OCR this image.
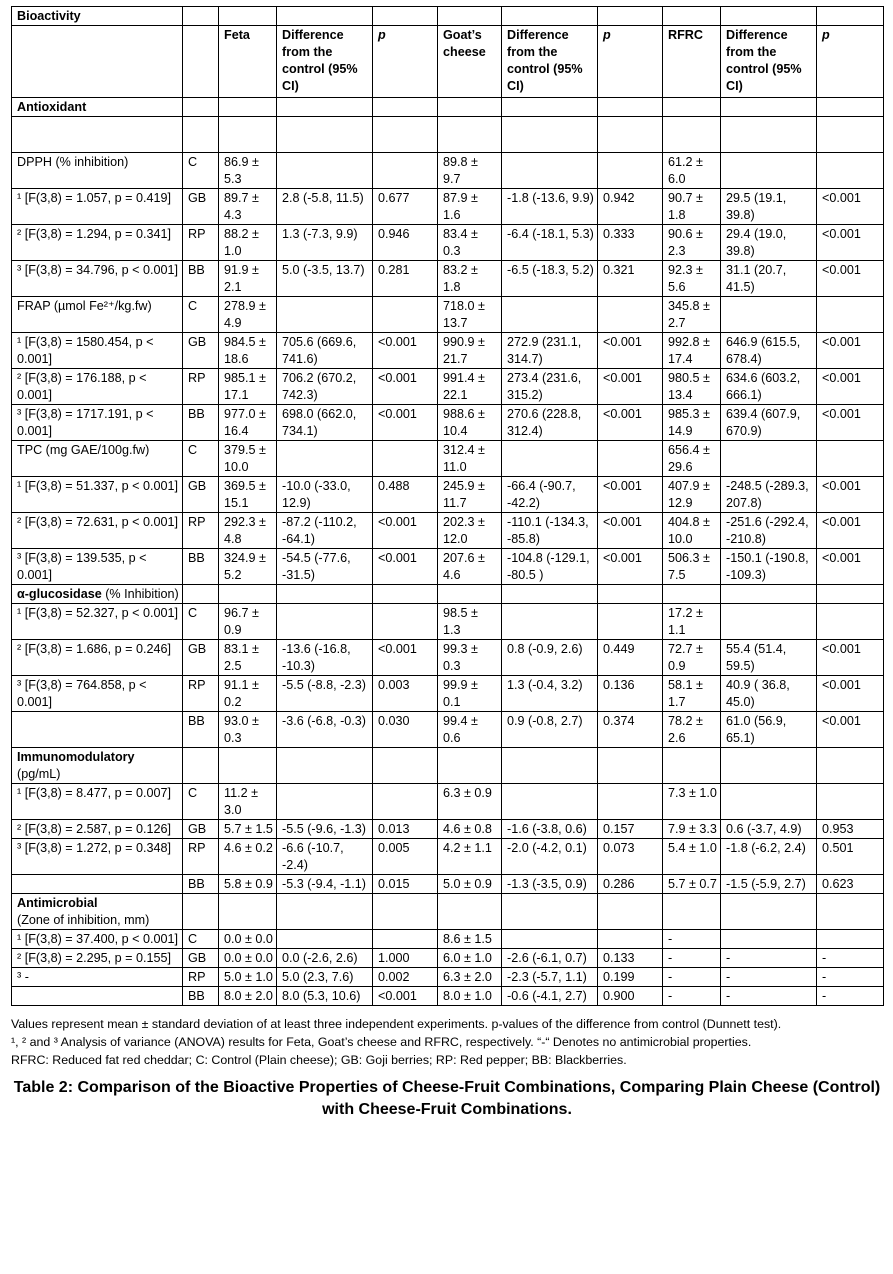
Bioactivity										
		Feta	Difference from the control (95% CI)	p	Goat’s cheese	Difference from the control (95% CI)	p	RFRC	Difference from the control (95% CI)	p
Antioxidant										

DPPH (% inhibition)	C	86.9 ± 5.3			89.8 ± 9.7			61.2 ± 6.0		
¹ [F(3,8) = 1.057, p = 0.419]	GB	89.7 ± 4.3	2.8 (-5.8, 11.5)	0.677	87.9 ± 1.6	-1.8 (-13.6, 9.9)	0.942	90.7 ± 1.8	29.5 (19.1, 39.8)	<0.001
² [F(3,8) = 1.294, p = 0.341]	RP	88.2 ± 1.0	1.3 (-7.3, 9.9)	0.946	83.4 ± 0.3	-6.4 (-18.1, 5.3)	0.333	90.6 ± 2.3	29.4 (19.0, 39.8)	<0.001
³ [F(3,8) = 34.796, p < 0.001]	BB	91.9 ± 2.1	5.0 (-3.5, 13.7)	0.281	83.2 ± 1.8	-6.5 (-18.3, 5.2)	0.321	92.3 ± 5.6	31.1 (20.7, 41.5)	<0.001
FRAP (µmol Fe²⁺/kg.fw)	C	278.9 ± 4.9			718.0 ± 13.7			345.8 ± 2.7		
¹ [F(3,8) = 1580.454, p < 0.001]	GB	984.5 ± 18.6	705.6 (669.6, 741.6)	<0.001	990.9 ± 21.7	272.9 (231.1, 314.7)	<0.001	992.8 ± 17.4	646.9 (615.5, 678.4)	<0.001
² [F(3,8) = 176.188, p < 0.001]	RP	985.1 ± 17.1	706.2 (670.2, 742.3)	<0.001	991.4 ± 22.1	273.4 (231.6, 315.2)	<0.001	980.5 ± 13.4	634.6 (603.2, 666.1)	<0.001
³ [F(3,8) = 1717.191, p < 0.001]	BB	977.0 ± 16.4	698.0 (662.0, 734.1)	<0.001	988.6 ± 10.4	270.6 (228.8, 312.4)	<0.001	985.3 ± 14.9	639.4 (607.9, 670.9)	<0.001
TPC (mg GAE/100g.fw)	C	379.5 ± 10.0			312.4 ± 11.0			656.4 ± 29.6		
¹ [F(3,8) = 51.337, p < 0.001]	GB	369.5 ± 15.1	-10.0 (-33.0, 12.9)	0.488	245.9 ± 11.7	-66.4 (-90.7, -42.2)	<0.001	407.9 ± 12.9	-248.5 (-289.3, 207.8)	<0.001
² [F(3,8) = 72.631, p < 0.001]	RP	292.3 ± 4.8	-87.2 (-110.2, -64.1)	<0.001	202.3 ± 12.0	-110.1 (-134.3, -85.8)	<0.001	404.8 ± 10.0	-251.6 (-292.4, -210.8)	<0.001
³ [F(3,8) = 139.535, p < 0.001]	BB	324.9 ± 5.2	-54.5 (-77.6, -31.5)	<0.001	207.6 ± 4.6	-104.8 (-129.1, -80.5 )	<0.001	506.3 ± 7.5	-150.1 (-190.8, -109.3)	<0.001
α-glucosidase (% Inhibition)										
¹ [F(3,8) = 52.327, p < 0.001]	C	96.7 ± 0.9			98.5 ± 1.3			17.2 ± 1.1		
² [F(3,8) = 1.686, p = 0.246]	GB	83.1 ± 2.5	-13.6 (-16.8, -10.3)	<0.001	99.3 ± 0.3	0.8 (-0.9, 2.6)	0.449	72.7 ± 0.9	55.4 (51.4, 59.5)	<0.001
³ [F(3,8) = 764.858, p < 0.001]	RP	91.1 ± 0.2	-5.5 (-8.8, -2.3)	0.003	99.9 ± 0.1	1.3 (-0.4, 3.2)	0.136	58.1 ± 1.7	40.9 ( 36.8, 45.0)	<0.001
	BB	93.0 ± 0.3	-3.6 (-6.8, -0.3)	0.030	99.4 ± 0.6	0.9 (-0.8, 2.7)	0.374	78.2 ± 2.6	61.0 (56.9, 65.1)	<0.001
Immunomodulatory (pg/mL)										
¹ [F(3,8) = 8.477, p = 0.007]	C	11.2 ± 3.0			6.3 ± 0.9			7.3 ± 1.0		
² [F(3,8) = 2.587, p = 0.126]	GB	5.7 ± 1.5	-5.5 (-9.6, -1.3)	0.013	4.6 ± 0.8	-1.6 (-3.8, 0.6)	0.157	7.9 ± 3.3	0.6 (-3.7, 4.9)	0.953
³ [F(3,8) = 1.272, p = 0.348]	RP	4.6 ± 0.2	-6.6 (-10.7, -2.4)	0.005	4.2 ± 1.1	-2.0 (-4.2, 0.1)	0.073	5.4 ± 1.0	-1.8 (-6.2, 2.4)	0.501
	BB	5.8 ± 0.9	-5.3 (-9.4, -1.1)	0.015	5.0 ± 0.9	-1.3 (-3.5, 0.9)	0.286	5.7 ± 0.7	-1.5 (-5.9, 2.7)	0.623
Antimicrobial
(Zone of inhibition, mm)										

¹ [F(3,8) = 37.400, p < 0.001]	C	0.0 ± 0.0			8.6 ± 1.5			-		
² [F(3,8) = 2.295, p = 0.155]	GB	0.0 ± 0.0	0.0 (-2.6, 2.6)	1.000	6.0 ± 1.0	-2.6 (-6.1, 0.7)	0.133	-	-	-
³ -	RP	5.0 ± 1.0	5.0 (2.3, 7.6)	0.002	6.3 ± 2.0	-2.3 (-5.7, 1.1)	0.199	-	-	-
	BB	8.0 ± 2.0	8.0 (5.3, 10.6)	<0.001	8.0 ± 1.0	-0.6 (-4.1, 2.7)	0.900	-	-	-
Values represent mean ± standard deviation of at least three independent experiments. p-values of the difference from control (Dunnett test).
¹, ² and ³ Analysis of variance (ANOVA) results for Feta, Goat’s cheese and RFRC, respectively. “-“ Denotes no antimicrobial properties.
RFRC: Reduced fat red cheddar; C: Control (Plain cheese); GB: Goji berries; RP: Red pepper; BB: Blackberries.
Table 2: Comparison of the Bioactive Properties of Cheese-Fruit Combinations, Comparing Plain Cheese (Control) with Cheese-Fruit Combinations.
